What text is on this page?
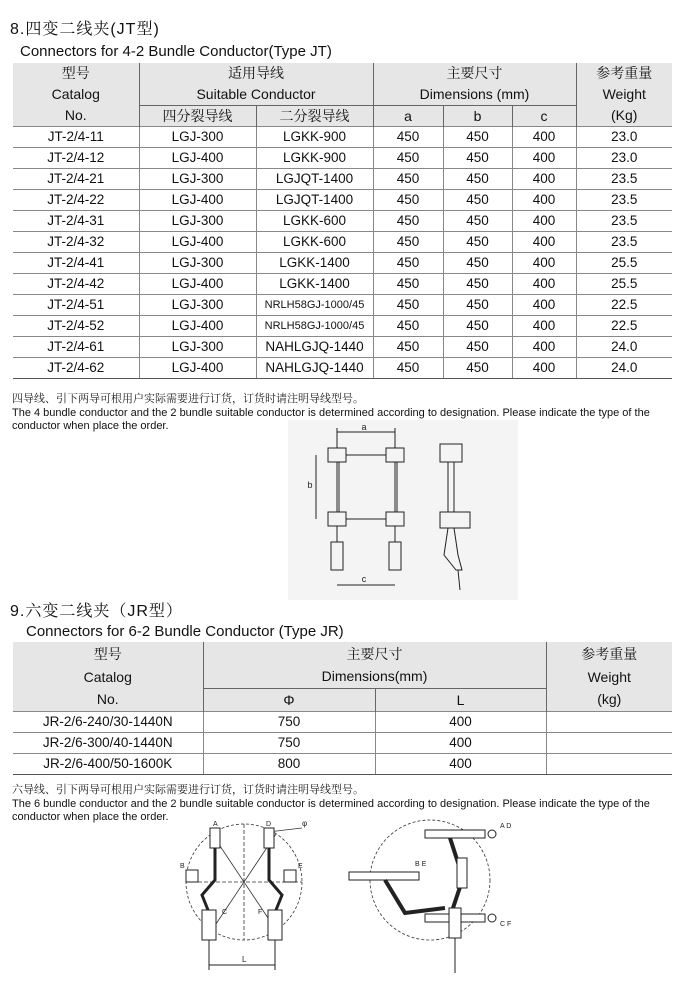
8.四变二线夹(JT型)
Connectors for 4-2 Bundle Conductor(Type JT)
型号	适用导线		主要尺寸			参考重量
Catalog	Suitable Conductor		Dimensions (mm)			Weight
No.	四分裂导线	二分裂导线	a	b	c	(Kg)
JT-2/4-11	LGJ-300	LGKK-900	450	450	400	23.0
JT-2/4-12	LGJ-400	LGKK-900	450	450	400	23.0
JT-2/4-21	LGJ-300	LGJQT-1400	450	450	400	23.5
JT-2/4-22	LGJ-400	LGJQT-1400	450	450	400	23.5
JT-2/4-31	LGJ-300	LGKK-600	450	450	400	23.5
JT-2/4-32	LGJ-400	LGKK-600	450	450	400	23.5
JT-2/4-41	LGJ-300	LGKK-1400	450	450	400	25.5
JT-2/4-42	LGJ-400	LGKK-1400	450	450	400	25.5
JT-2/4-51	LGJ-300	NRLH58GJ-1000/45	450	450	400	22.5
JT-2/4-52	LGJ-400	NRLH58GJ-1000/45	450	450	400	22.5
JT-2/4-61	LGJ-300	NAHLGJQ-1440	450	450	400	24.0
JT-2/4-62	LGJ-400	NAHLGJQ-1440	450	450	400	24.0
四导线、引下两导可根用户实际需要进行订货，订货时请注明导线型号。
The 4 bundle conductor and the 2 bundle suitable conductor is determined according to designation. Please indicate the type of the conductor when place the order.	a
b
c
9.六变二线夹（JR型）
Connectors for 6-2 Bundle Conductor (Type JR)
型号	主要尺寸		参考重量
Catalog	Dimensions(mm)		Weight
No.	Φ	L	(kg)
JR-2/6-240/30-1440N	750	400	
JR-2/6-300/40-1440N	750	400	
JR-2/6-400/50-1600K	800	400	
六导线、引下两导可根用户实际需要进行订货，订货时请注明导线型号。
The 6 bundle conductor and the 2 bundle suitable conductor is determined according to designation. Please indicate the type of the conductor when place the order.
A	D
B	E
C	F
φ
L
A D
B E
C F
